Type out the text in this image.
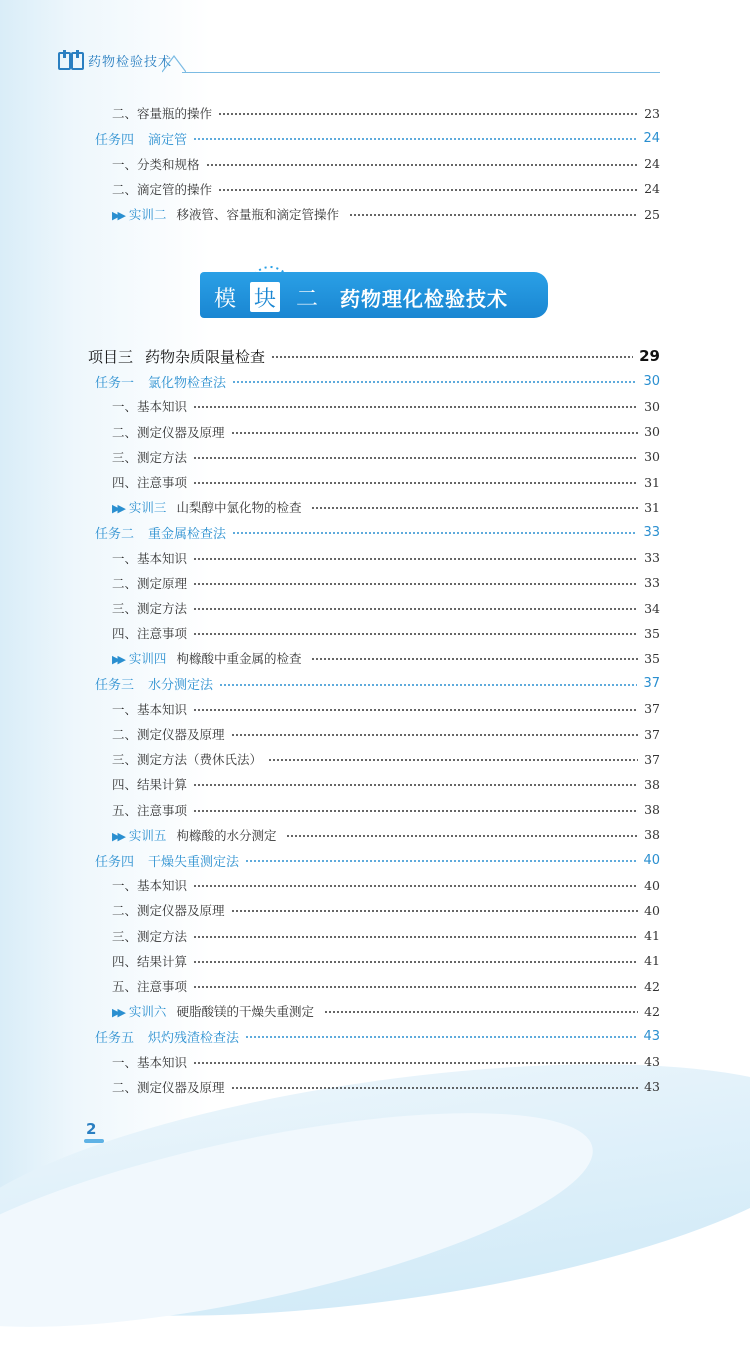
药物检验技术
二、容量瓶的操作	23
任务四 滴定管	24
一、分类和规格	24
二、滴定管的操作	24
▶▶ 实训二 移液管、容量瓶和滴定管操作	25
模 块 二 药物理化检验技术
项目三 药物杂质限量检查	29
任务一 氯化物检查法	30
一、基本知识	30
二、测定仪器及原理	30
三、测定方法	30
四、注意事项	31
▶▶ 实训三 山梨醇中氯化物的检查	31
任务二 重金属检查法	33
一、基本知识	33
二、测定原理	33
三、测定方法	34
四、注意事项	35
▶▶ 实训四 枸橼酸中重金属的检查	35
任务三 水分测定法	37
一、基本知识	37
二、测定仪器及原理	37
三、测定方法（费休氏法）	37
四、结果计算	38
五、注意事项	38
▶▶ 实训五 枸橼酸的水分测定	38
任务四 干燥失重测定法	40
一、基本知识	40
二、测定仪器及原理	40
三、测定方法	41
四、结果计算	41
五、注意事项	42
▶▶ 实训六 硬脂酸镁的干燥失重测定	42
任务五 炽灼残渣检查法	43
一、基本知识	43
二、测定仪器及原理	43
2
